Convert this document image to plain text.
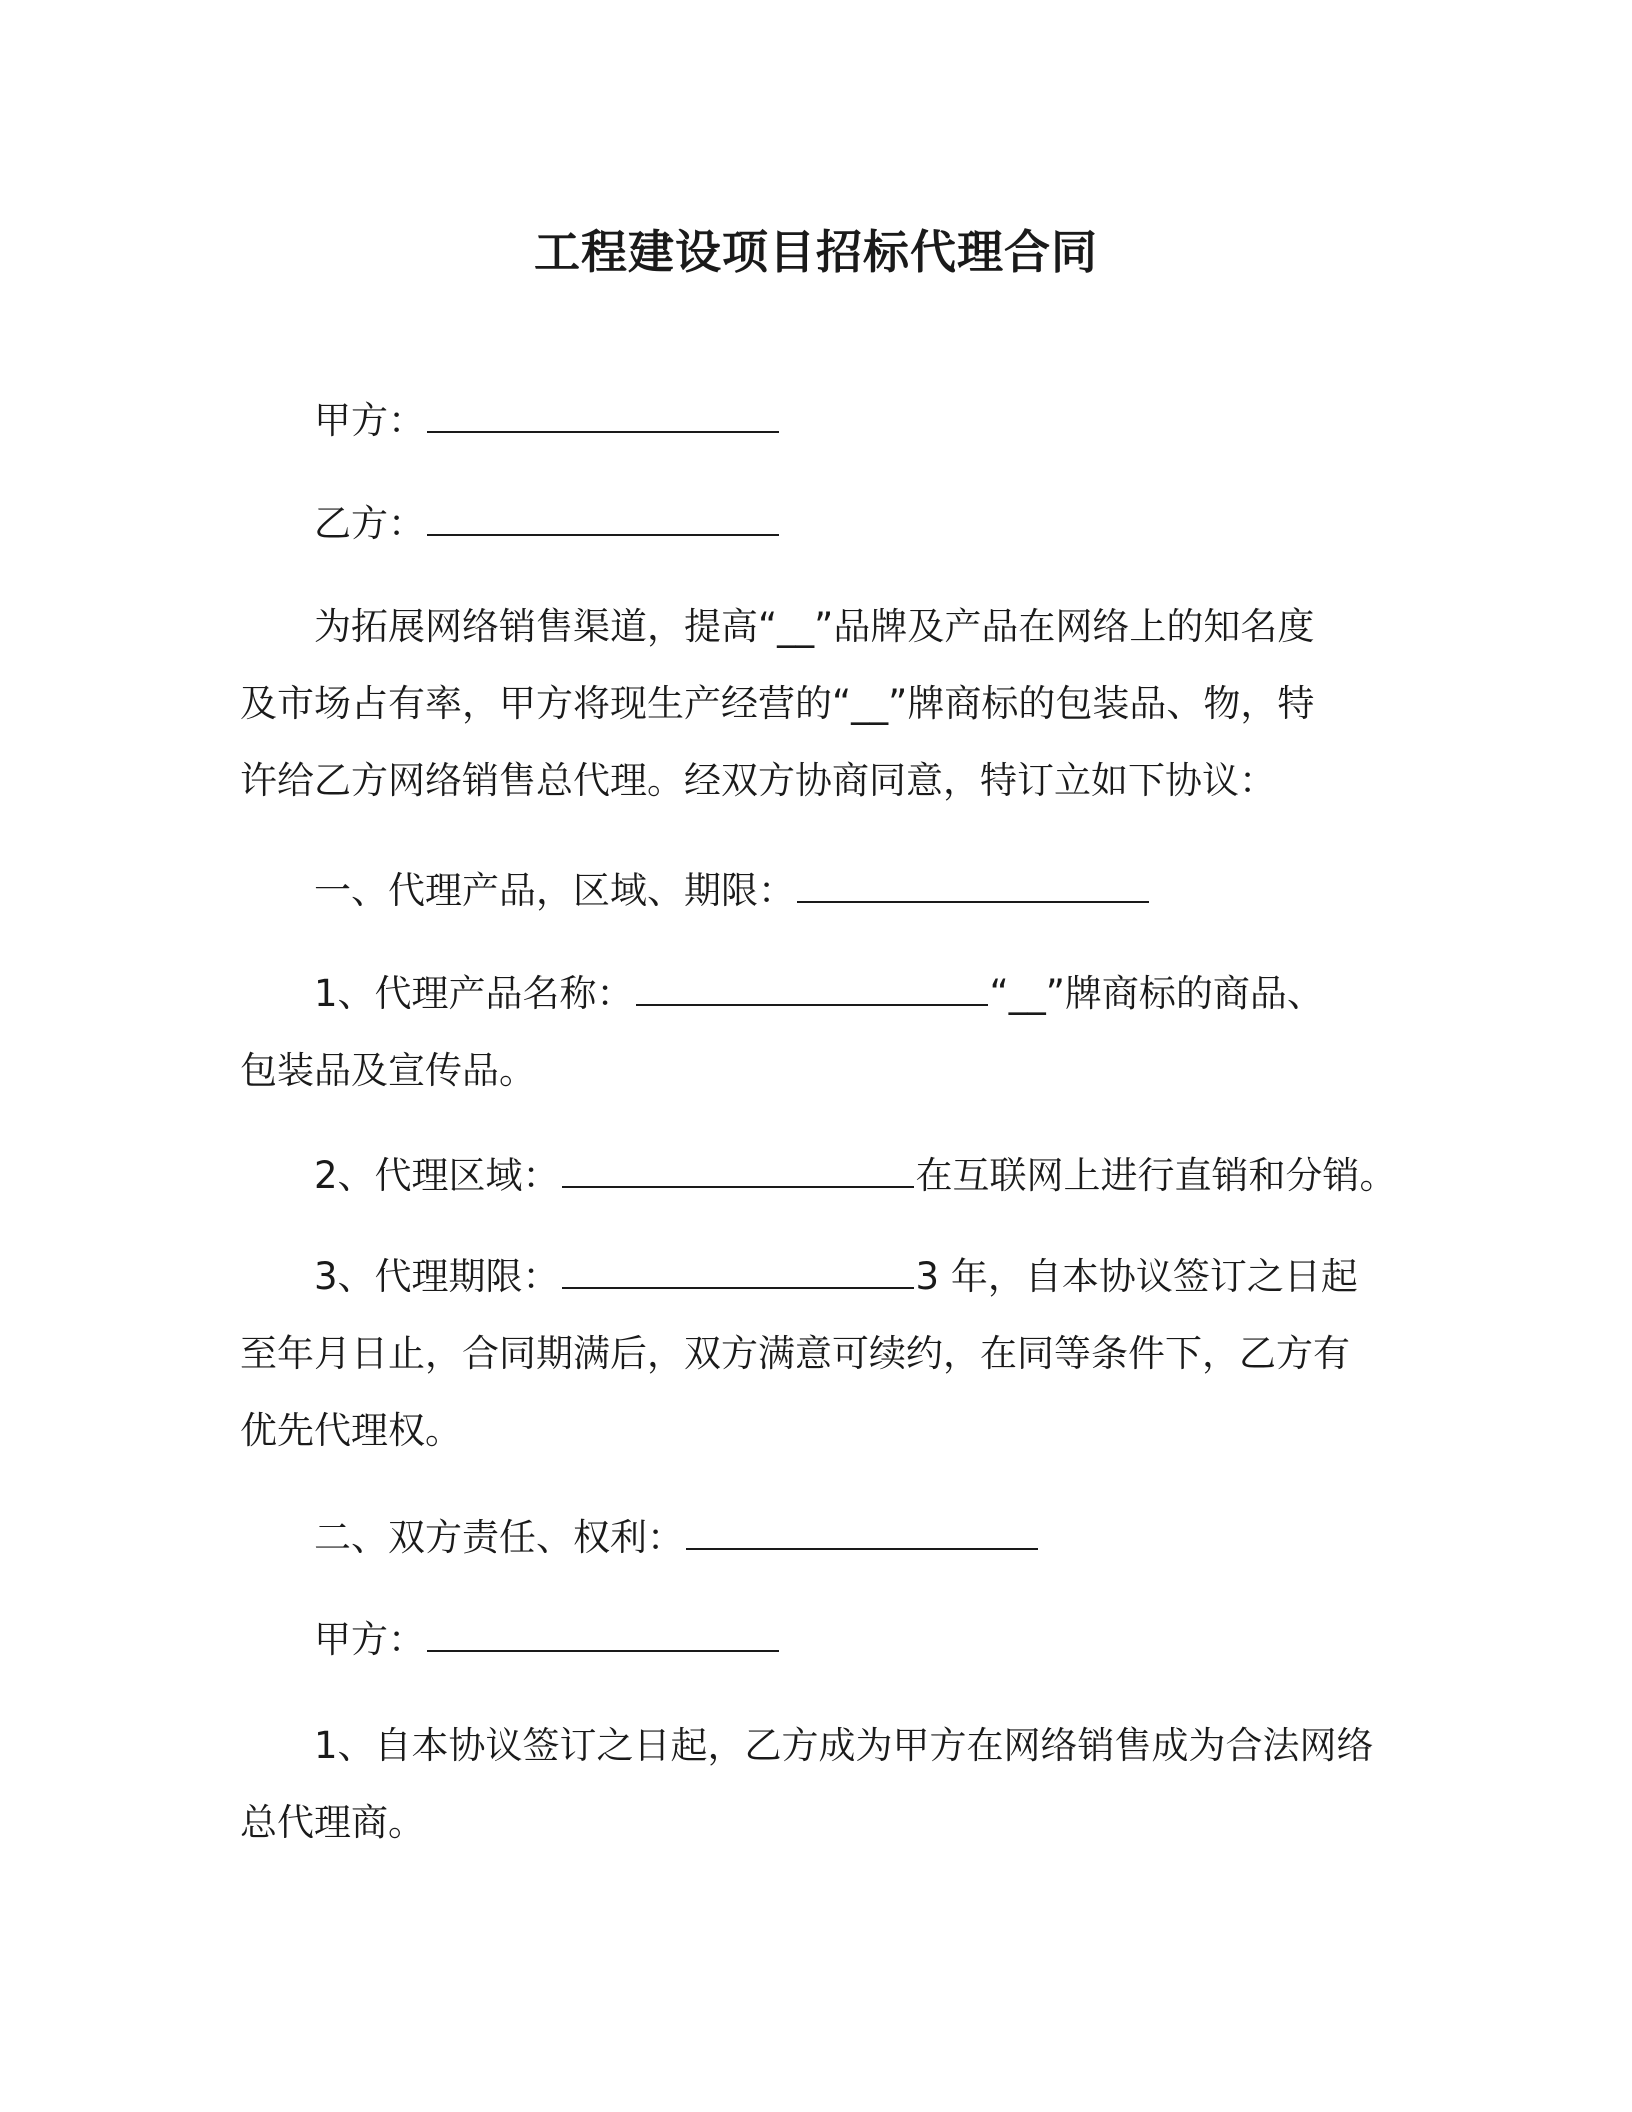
工程建设项目招标代理合同
甲方：
乙方：
为拓展网络销售渠道，提高“__”品牌及产品在网络上的知名度
及市场占有率，甲方将现生产经营的“__”牌商标的包装品、物，特
许给乙方网络销售总代理。经双方协商同意，特订立如下协议：
一、代理产品，区域、期限：
1、代理产品名称：	“__”牌商标的商品、
包装品及宣传品。
2、代理区域：	在互联网上进行直销和分销。
3、代理期限：	3 年，自本协议签订之日起
至年月日止，合同期满后，双方满意可续约，在同等条件下，乙方有
优先代理权。
二、双方责任、权利：
甲方：
1、自本协议签订之日起，乙方成为甲方在网络销售成为合法网络
总代理商。
